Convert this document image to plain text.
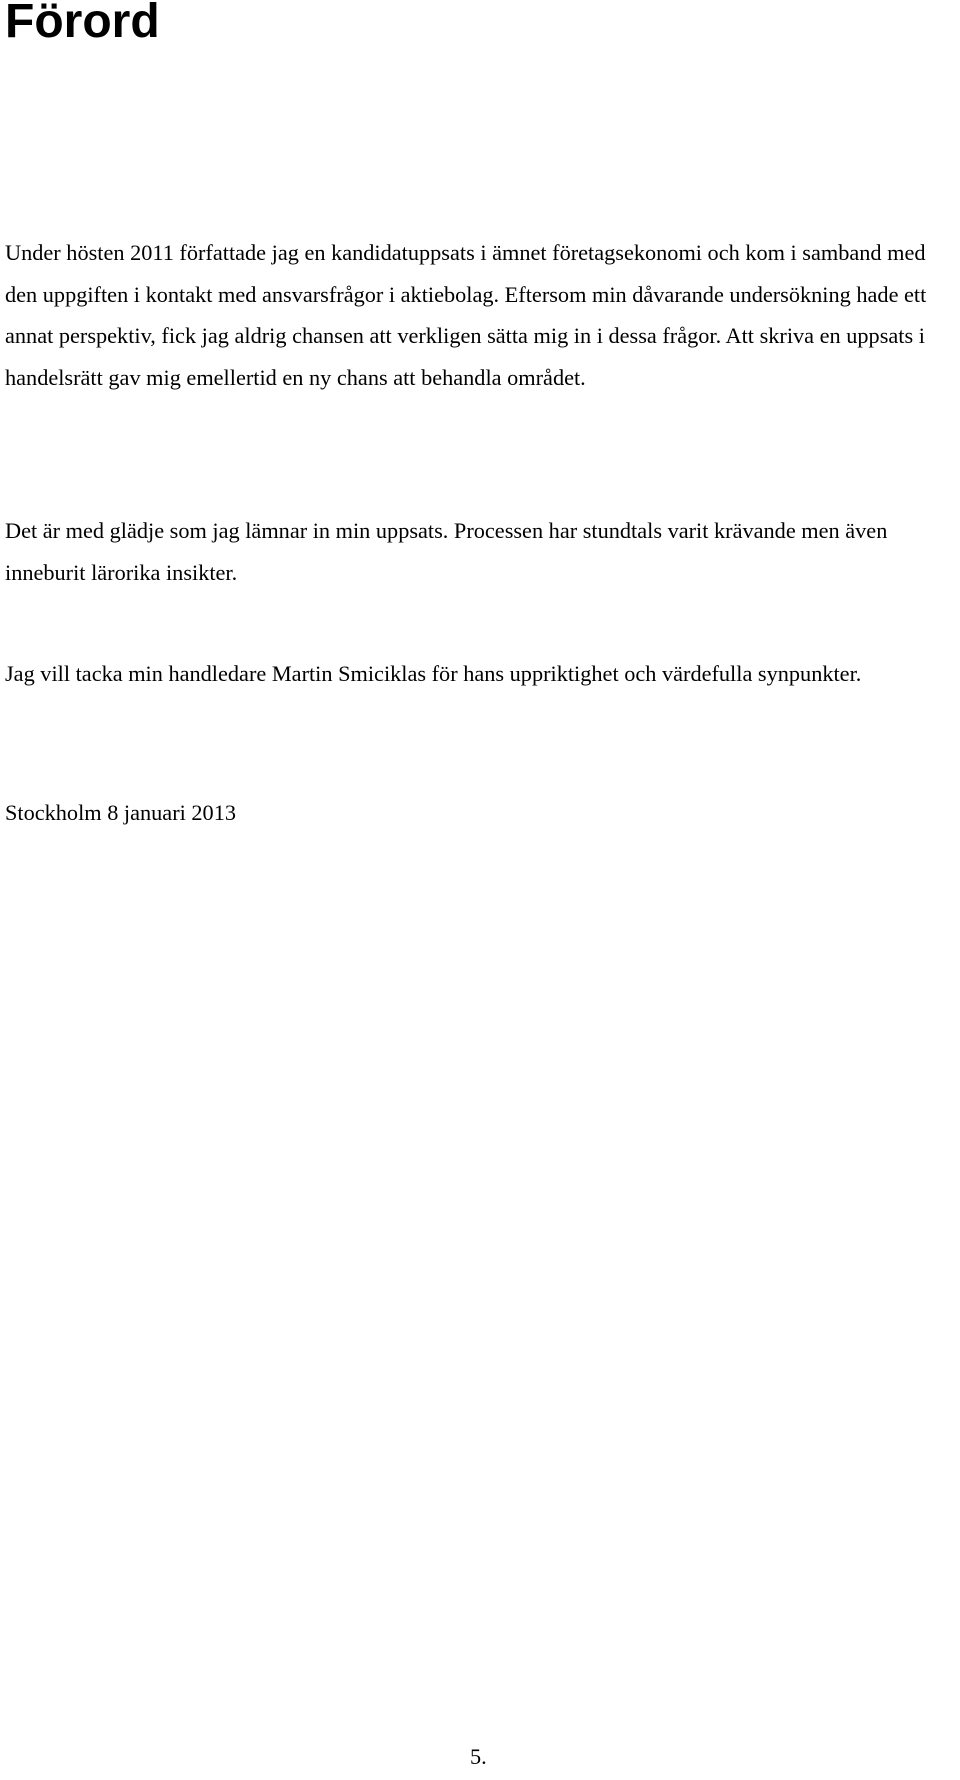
Förord

Under hösten 2011 författade jag en kandidatuppsats i ämnet företagsekonomi och kom i samband med den uppgiften i kontakt med ansvarsfrågor i aktiebolag. Eftersom min dåvarande undersökning hade ett annat perspektiv, fick jag aldrig chansen att verkligen sätta mig in i dessa frågor. Att skriva en uppsats i handelsrätt gav mig emellertid en ny chans att behandla området.

Det är med glädje som jag lämnar in min uppsats. Processen har stundtals varit krävande men även inneburit lärorika insikter.

Jag vill tacka min handledare Martin Smiciklas för hans uppriktighet och värdefulla synpunkter.

Stockholm 8 januari 2013

5.
